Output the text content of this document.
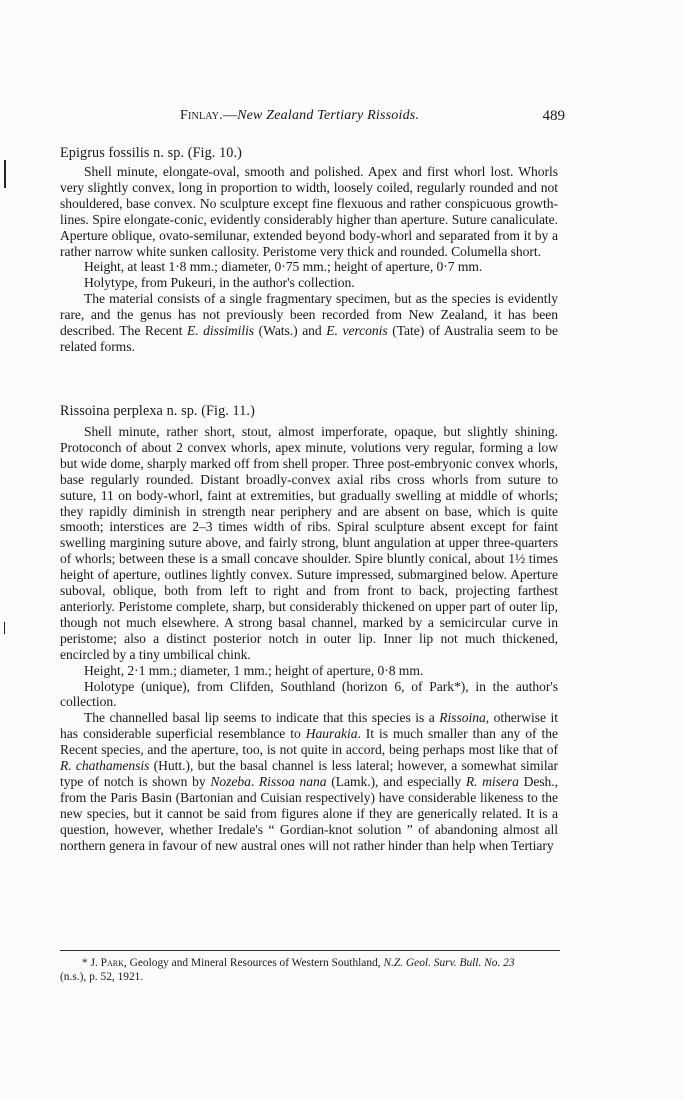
Finlay.—New Zealand Tertiary Rissoids.	489
Epigrus fossilis n. sp. (Fig. 10.)

Shell minute, elongate-oval, smooth and polished. Apex and first whorl lost. Whorls very slightly convex, long in proportion to width, loosely coiled, regularly rounded and not shouldered, base convex. No sculpture except fine flexuous and rather conspicuous growth-lines. Spire elongate-conic, evidently considerably higher than aperture. Suture canaliculate. Aperture oblique, ovato-semilunar, extended beyond body-whorl and separated from it by a rather narrow white sunken callosity. Peristome very thick and rounded. Columella short.

Height, at least 1·8 mm.; diameter, 0·75 mm.; height of aperture, 0·7 mm.

Holytype, from Pukeuri, in the author's collection.

The material consists of a single fragmentary specimen, but as the species is evidently rare, and the genus has not previously been recorded from New Zealand, it has been described. The Recent E. dissimilis (Wats.) and E. verconis (Tate) of Australia seem to be related forms.

Rissoina perplexa n. sp. (Fig. 11.)

Shell minute, rather short, stout, almost imperforate, opaque, but slightly shining. Protoconch of about 2 convex whorls, apex minute, volutions very regular, forming a low but wide dome, sharply marked off from shell proper. Three post-embryonic convex whorls, base regularly rounded. Distant broadly-convex axial ribs cross whorls from suture to suture, 11 on body-whorl, faint at extremities, but gradually swelling at middle of whorls; they rapidly diminish in strength near periphery and are absent on base, which is quite smooth; interstices are 2–3 times width of ribs. Spiral sculpture absent except for faint swelling margining suture above, and fairly strong, blunt angulation at upper three-quarters of whorls; between these is a small concave shoulder. Spire bluntly conical, about 1½ times height of aperture, outlines lightly convex. Suture impressed, submargined below. Aperture suboval, oblique, both from left to right and from front to back, projecting farthest anteriorly. Peristome complete, sharp, but considerably thickened on upper part of outer lip, though not much elsewhere. A strong basal channel, marked by a semicircular curve in peristome; also a distinct posterior notch in outer lip. Inner lip not much thickened, encircled by a tiny umbilical chink.

Height, 2·1 mm.; diameter, 1 mm.; height of aperture, 0·8 mm.

Holotype (unique), from Clifden, Southland (horizon 6, of Park*), in the author's collection.

The channelled basal lip seems to indicate that this species is a Rissoina, otherwise it has considerable superficial resemblance to Haurakia. It is much smaller than any of the Recent species, and the aperture, too, is not quite in accord, being perhaps most like that of R. chathamensis (Hutt.), but the basal channel is less lateral; however, a somewhat similar type of notch is shown by Nozeba. Rissoa nana (Lamk.), and especially R. misera Desh., from the Paris Basin (Bartonian and Cuisian respectively) have considerable likeness to the new species, but it cannot be said from figures alone if they are generically related. It is a question, however, whether Iredale's “ Gordian-knot solution ” of abandoning almost all northern genera in favour of new austral ones will not rather hinder than help when Tertiary

* J. Park, Geology and Mineral Resources of Western Southland, N.Z. Geol. Surv. Bull. No. 23 (n.s.), p. 52, 1921.
